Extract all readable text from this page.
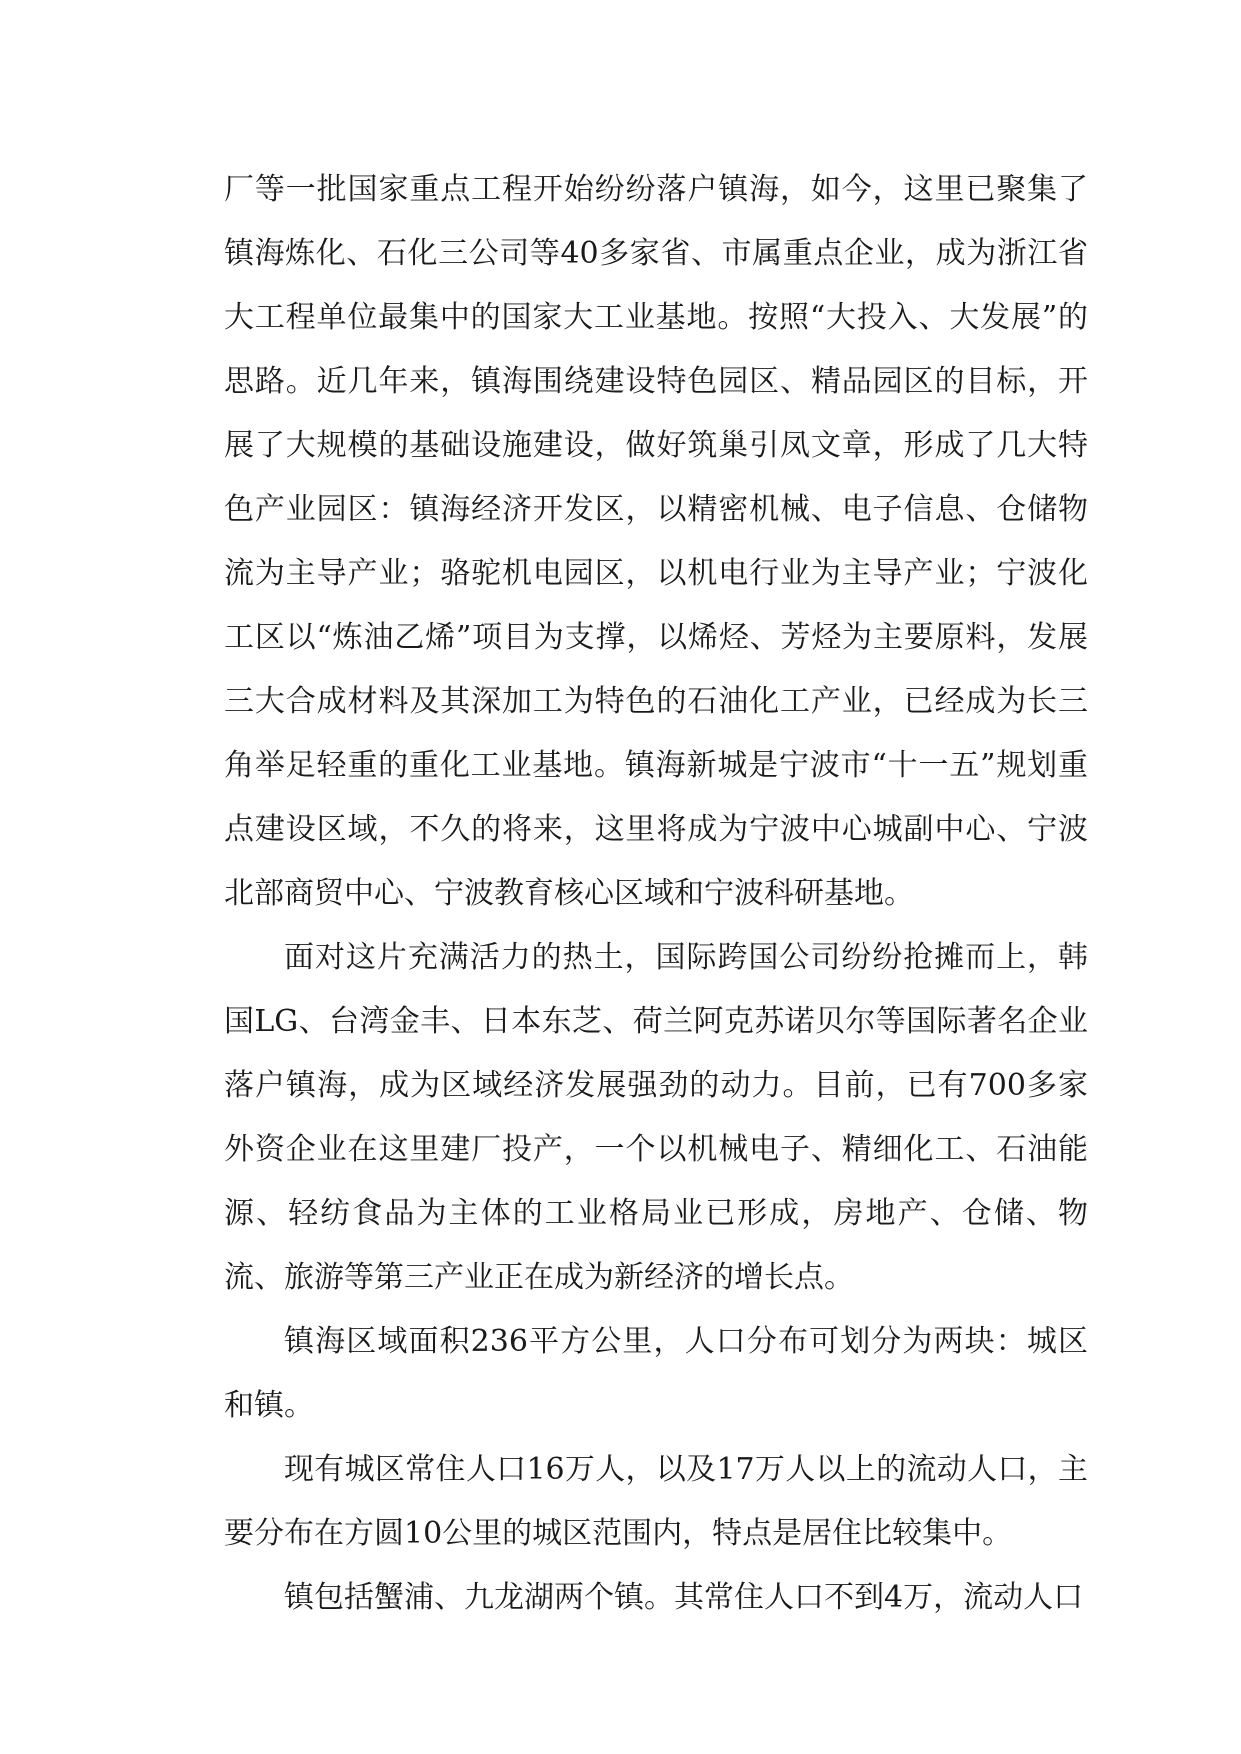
厂等一批国家重点工程开始纷纷落户镇海，如今，这里已聚集了镇海炼化、石化三公司等40多家省、市属重点企业，成为浙江省大工程单位最集中的国家大工业基地。按照“大投入、大发展”的思路。近几年来，镇海围绕建设特色园区、精品园区的目标，开展了大规模的基础设施建设，做好筑巢引凤文章，形成了几大特色产业园区：镇海经济开发区，以精密机械、电子信息、仓储物流为主导产业；骆驼机电园区，以机电行业为主导产业；宁波化工区以“炼油乙烯”项目为支撑，以烯烃、芳烃为主要原料，发展三大合成材料及其深加工为特色的石油化工产业，已经成为长三角举足轻重的重化工业基地。镇海新城是宁波市“十一五”规划重点建设区域，不久的将来，这里将成为宁波中心城副中心、宁波北部商贸中心、宁波教育核心区域和宁波科研基地。

面对这片充满活力的热土，国际跨国公司纷纷抢摊而上，韩国LG、台湾金丰、日本东芝、荷兰阿克苏诺贝尔等国际著名企业落户镇海，成为区域经济发展强劲的动力。目前，已有700多家外资企业在这里建厂投产，一个以机械电子、精细化工、石油能源、轻纺食品为主体的工业格局业已形成，房地产、仓储、物流、旅游等第三产业正在成为新经济的增长点。

镇海区域面积236平方公里，人口分布可划分为两块：城区和镇。

现有城区常住人口16万人，以及17万人以上的流动人口，主要分布在方圆10公里的城区范围内，特点是居住比较集中。

镇包括蟹浦、九龙湖两个镇。其常住人口不到4万，流动人口
